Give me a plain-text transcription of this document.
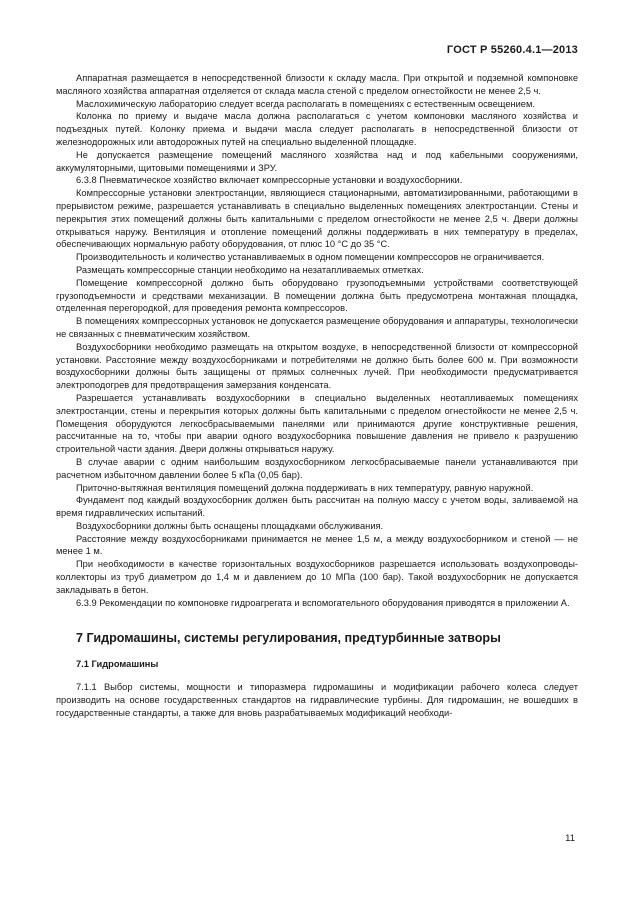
ГОСТ Р 55260.4.1—2013

Аппаратная размещается в непосредственной близости к складу масла. При открытой и подземной компоновке масляного хозяйства аппаратная отделяется от склада масла стеной с пределом огнестойкости не менее 2,5 ч.

Маслохимическую лабораторию следует всегда располагать в помещениях с естественным освещением.

Колонка по приему и выдаче масла должна располагаться с учетом компоновки масляного хозяйства и подъездных путей. Колонку приема и выдачи масла следует располагать в непосредственной близости от железнодорожных или автодорожных путей на специально выделенной площадке.

Не допускается размещение помещений масляного хозяйства над и под кабельными сооружениями, аккумуляторными, щитовыми помещениями и ЗРУ.

6.3.8 Пневматическое хозяйство включает компрессорные установки и воздухосборники.

Компрессорные установки электростанции, являющиеся стационарными, автоматизированными, работающими в прерывистом режиме, разрешается устанавливать в специально выделенных помещениях электростанции. Стены и перекрытия этих помещений должны быть капитальными с пределом огнестойкости не менее 2,5 ч. Двери должны открываться наружу. Вентиляция и отопление помещений должны поддерживать в них температуру в пределах, обеспечивающих нормальную работу оборудования, от плюс 10 °C до 35 °C.

Производительность и количество устанавливаемых в одном помещении компрессоров не ограничивается.

Размещать компрессорные станции необходимо на незатапливаемых отметках.

Помещение компрессорной должно быть оборудовано грузоподъемными устройствами соответствующей грузоподъемности и средствами механизации. В помещении должна быть предусмотрена монтажная площадка, отделенная перегородкой, для проведения ремонта компрессоров.

В помещениях компрессорных установок не допускается размещение оборудования и аппаратуры, технологически не связанных с пневматическим хозяйством.

Воздухосборники необходимо размещать на открытом воздухе, в непосредственной близости от компрессорной установки. Расстояние между воздухосборниками и потребителями не должно быть более 600 м. При возможности воздухосборники должны быть защищены от прямых солнечных лучей. При необходимости предусматривается электроподогрев для предотвращения замерзания конденсата.

Разрешается устанавливать воздухосборники в специально выделенных неотапливаемых помещениях электростанции, стены и перекрытия которых должны быть капитальными с пределом огнестойкости не менее 2,5 ч. Помещения оборудуются легкосбрасываемыми панелями или принимаются другие конструктивные решения, рассчитанные на то, чтобы при аварии одного воздухосборника повышение давления не привело к разрушению строительной части здания. Двери должны открываться наружу.

В случае аварии с одним наибольшим воздухосборником легкосбрасываемые панели устанавливаются при расчетном избыточном давлении более 5 кПа (0,05 бар).

Приточно-вытяжная вентиляция помещений должна поддерживать в них температуру, равную наружной.

Фундамент под каждый воздухосборник должен быть рассчитан на полную массу с учетом воды, заливаемой на время гидравлических испытаний.

Воздухосборники должны быть оснащены площадками обслуживания.

Расстояние между воздухосборниками принимается не менее 1,5 м, а между воздухосборником и стеной — не менее 1 м.

При необходимости в качестве горизонтальных воздухосборников разрешается использовать воздухопроводы-коллекторы из труб диаметром до 1,4 м и давлением до 10 МПа (100 бар). Такой воздухосборник не допускается закладывать в бетон.

6.3.9 Рекомендации по компоновке гидроагрегата и вспомогательного оборудования приводятся в приложении А.

7 Гидромашины, системы регулирования, предтурбинные затворы
7.1 Гидромашины

7.1.1 Выбор системы, мощности и типоразмера гидромашины и модификации рабочего колеса следует производить на основе государственных стандартов на гидравлические турбины. Для гидромашин, не вошедших в государственные стандарты, а также для вновь разрабатываемых модификаций необходи-

11
